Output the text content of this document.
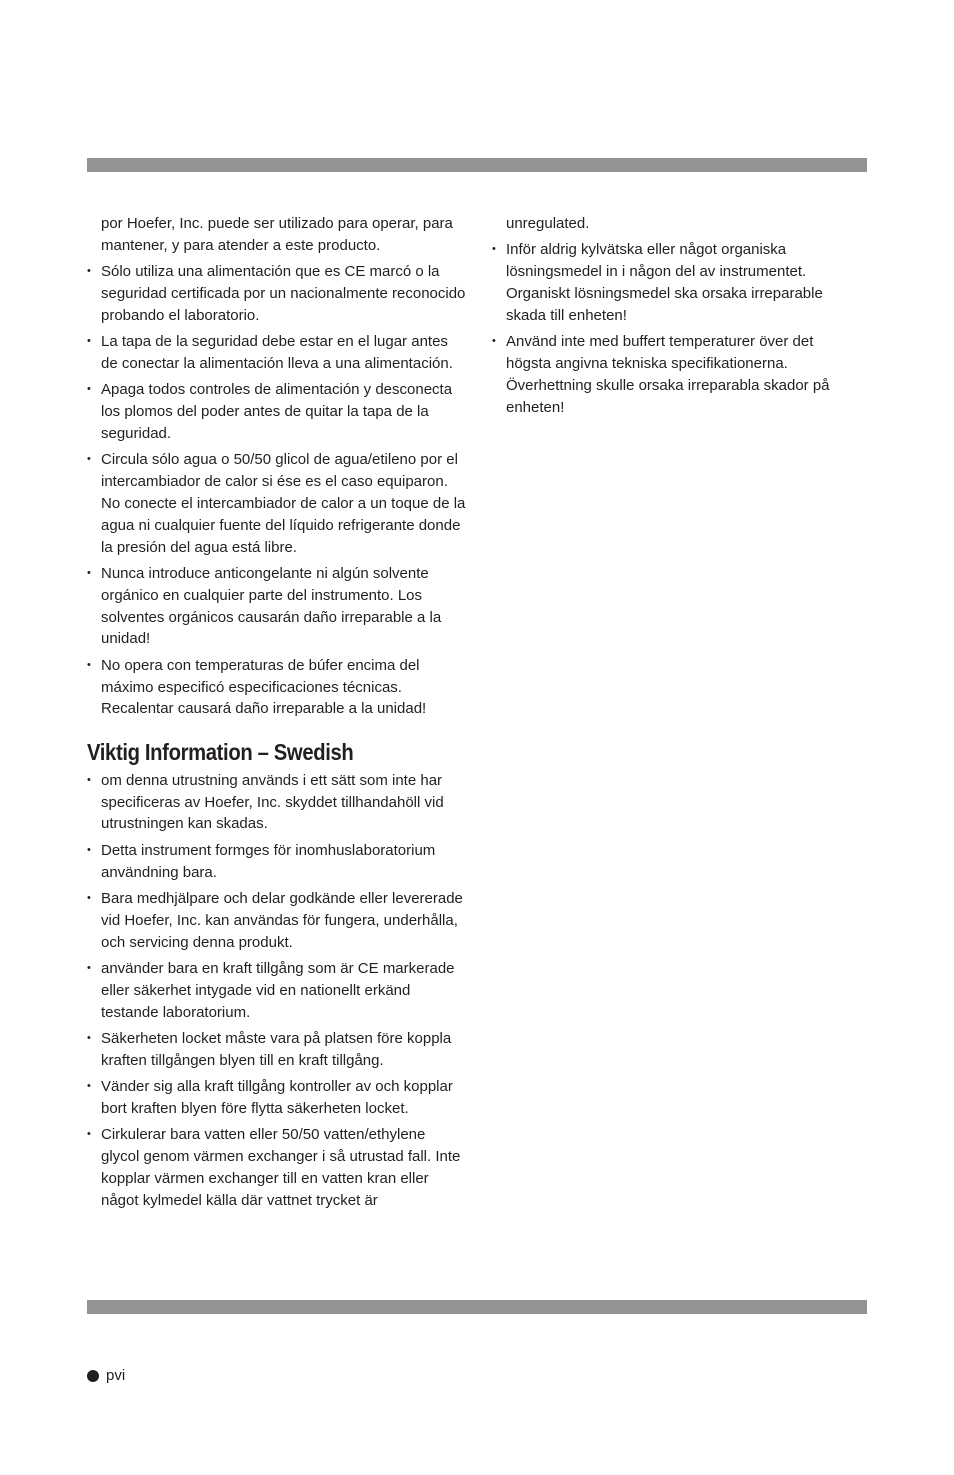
por Hoefer, Inc. puede ser utilizado para operar, para mantener, y para atender a este producto.

• Sólo utiliza una alimentación que es CE marcó o la seguridad certificada por un nacionalmente reconocido probando el laboratorio.
• La tapa de la seguridad debe estar en el lugar antes de conectar la alimentación lleva a una alimentación.
• Apaga todos controles de alimentación y desconecta los plomos del poder antes de quitar la tapa de la seguridad.
• Circula sólo agua o 50/50 glicol de agua/etileno por el intercambiador de calor si ése es el caso equiparon. No conecte el intercambiador de calor a un toque de la agua ni cualquier fuente del líquido refrigerante donde la presión del agua está libre.
• Nunca introduce anticongelante ni algún solvente orgánico en cualquier parte del instrumento. Los solventes orgánicos causarán daño irreparable a la unidad!
• No opera con temperaturas de búfer encima del máximo especificó especificaciones técnicas. Recalentar causará daño irreparable a la unidad!
Viktig Information – Swedish
• om denna utrustning används i ett sätt som inte har specificeras av Hoefer, Inc. skyddet tillhandahöll vid utrustningen kan skadas.
• Detta instrument formges för inomhuslaboratorium användning bara.
• Bara medhjälpare och delar godkände eller levererade vid Hoefer, Inc. kan användas för fungera, underhålla, och servicing denna produkt.
• använder bara en kraft tillgång som är CE markerade eller säkerhet intygade vid en nationellt erkänd testande laboratorium.
• Säkerheten locket måste vara på platsen före koppla kraften tillgången blyen till en kraft tillgång.
• Vänder sig alla kraft tillgång kontroller av och kopplar bort kraften blyen före flytta säkerheten locket.
• Cirkulerar bara vatten eller 50/50 vatten/ethylene glycol genom värmen exchanger i så utrustad fall. Inte kopplar värmen exchanger till en vatten kran eller något kylmedel källa där vattnet trycket är

unregulated.

• Inför aldrig kylvätska eller något organiska lösningsmedel in i någon del av instrumentet. Organiskt lösningsmedel ska orsaka irreparable skada till enheten!
• Använd inte med buffert temperaturer över det högsta angivna tekniska specifikationerna. Överhettning skulle orsaka irreparabla skador på enheten!
pvi
